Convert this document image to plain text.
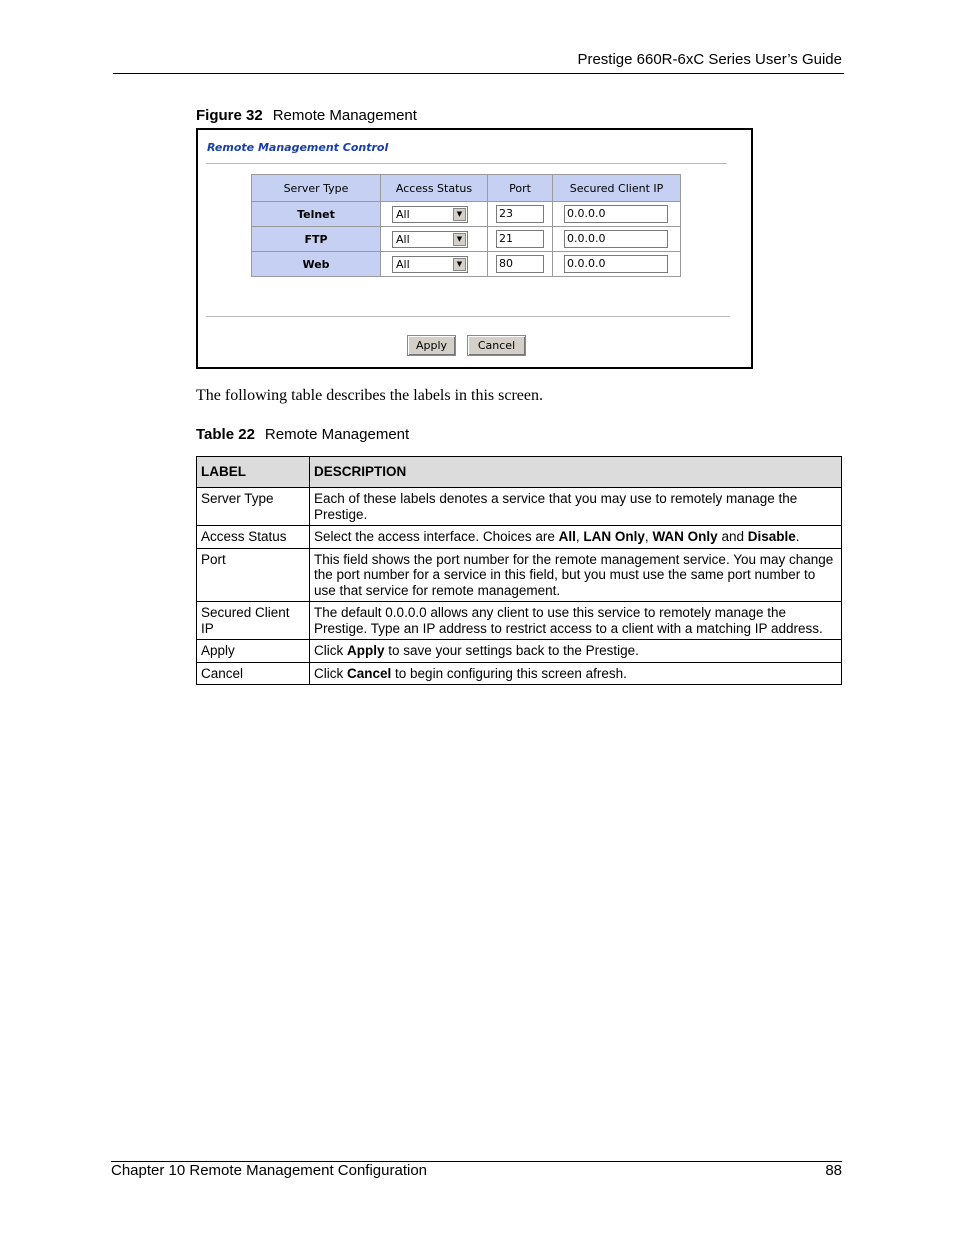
Prestige 660R-6xC Series User’s Guide
Figure 32 Remote Management
Remote Management Control
Server Type	Access Status	Port	Secured Client IP
Telnet	All ▼	23	0.0.0.0

FTP	All ▼	21	0.0.0.0

Web	All ▼	80	0.0.0.0
Apply	Cancel
The following table describes the labels in this screen.
Table 22 Remote Management
LABEL	DESCRIPTION
Server Type	Each of these labels denotes a service that you may use to remotely manage the Prestige.
Access Status	Select the access interface. Choices are All, LAN Only, WAN Only and Disable.
Port	This field shows the port number for the remote management service. You may change the port number for a service in this field, but you must use the same port number to use that service for remote management.
Secured Client IP	The default 0.0.0.0 allows any client to use this service to remotely manage the Prestige. Type an IP address to restrict access to a client with a matching IP address.
Apply	Click Apply to save your settings back to the Prestige.
Cancel	Click Cancel to begin configuring this screen afresh.
Chapter 10 Remote Management Configuration	88
